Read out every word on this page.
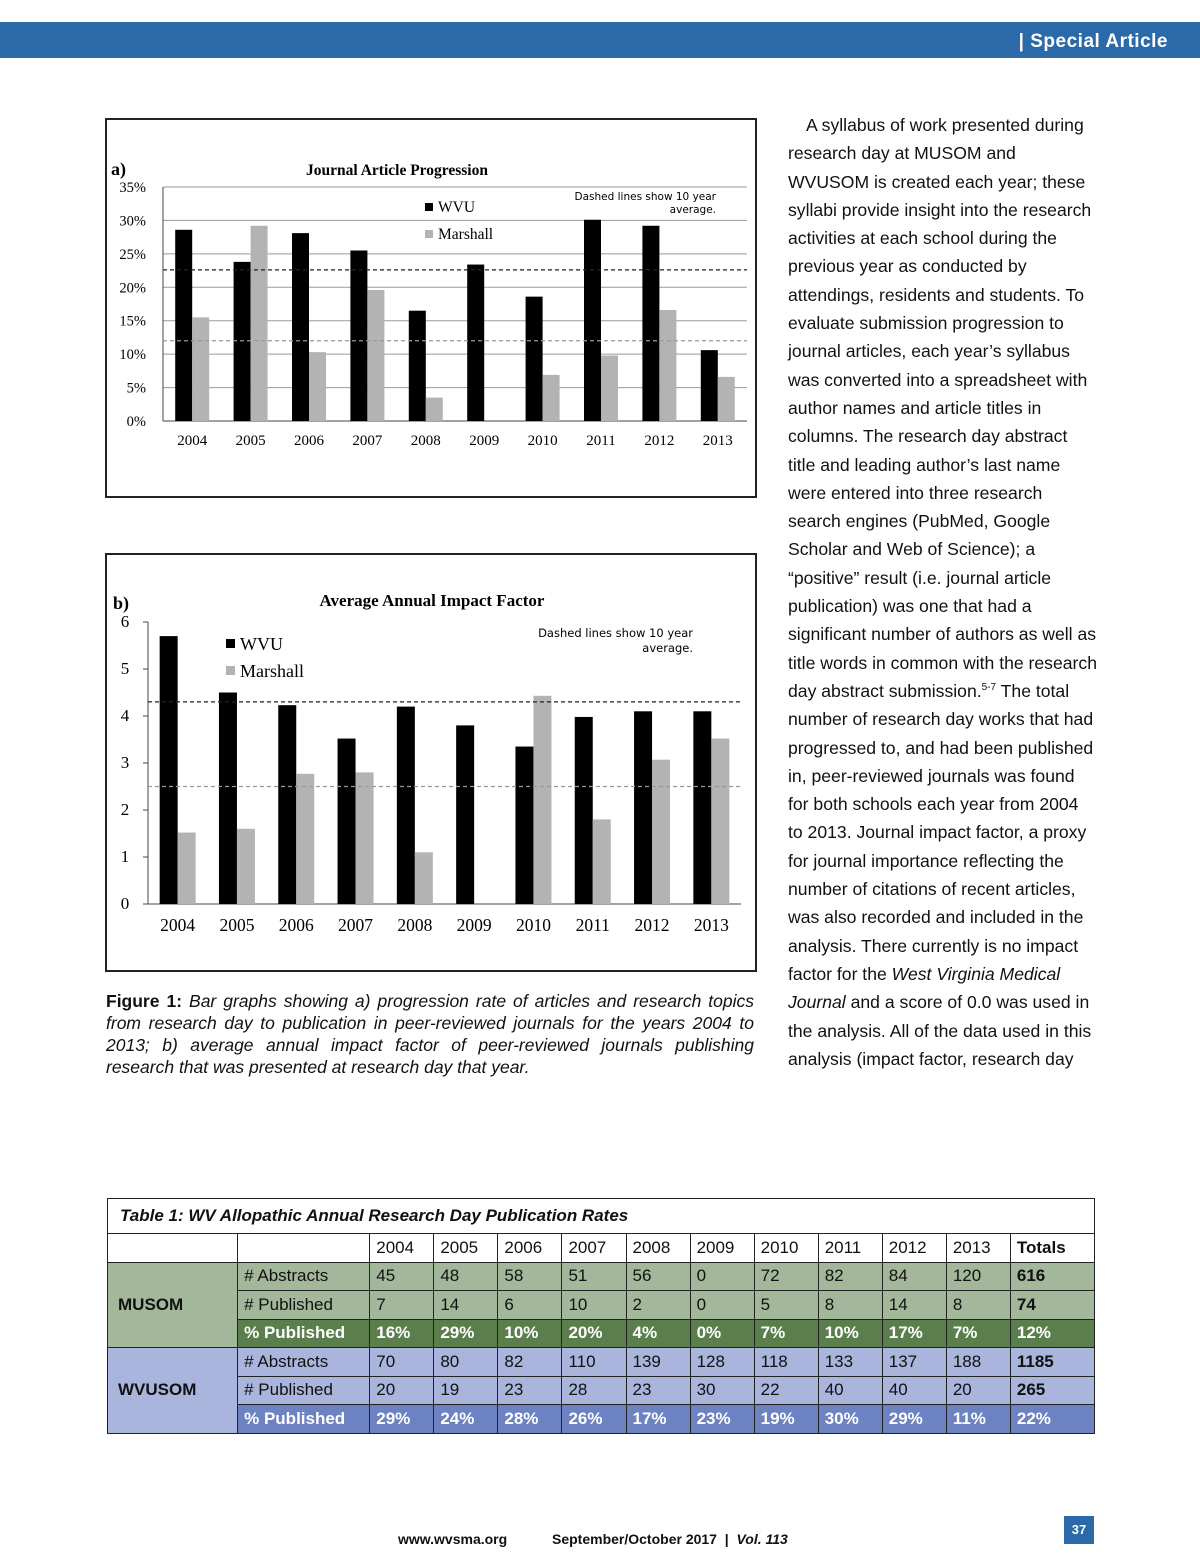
| Special Article
0%
5%
10%
15%
20%
25%
30%
35%
2004 2005 2006 2007 2008 2009 2010 2011 2012 2013
a)	Journal Article Progression
Dashed lines show 10 year
average.
WVU
Marshall
0
1
2
3
4
5
6
2004 2005 2006 2007 2008 2009 2010 2011 2012 2013
b)	Average Annual Impact Factor
Dashed lines show 10 year
average.
WVU
Marshall
Figure 1: Bar graphs showing a) progression rate of articles and research topics from research day to publication in peer-reviewed journals for the years 2004 to 2013; b) average annual impact factor of peer-reviewed journals publishing research that was presented at research day that year.
A syllabus of work presented during research day at MUSOM and WVUSOM is created each year; these syllabi provide insight into the research activities at each school during the previous year as conducted by attendings, residents and students. To evaluate submission progression to journal articles, each year’s syllabus was converted into a spreadsheet with author names and article titles in columns. The research day abstract title and leading author’s last name were entered into three research search engines (PubMed, Google Scholar and Web of Science); a “positive” result (i.e. journal article publication) was one that had a significant number of authors as well as title words in common with the research day abstract submission.$^{5-7}$ The total number of research day works that had progressed to, and had been published in, peer-reviewed journals was found for both schools each year from 2004 to 2013. Journal impact factor, a proxy for journal importance reflecting the number of citations of recent articles, was also recorded and included in the analysis. There currently is no impact factor for the West Virginia Medical Journal and a score of 0.0 was used in the analysis. All of the data used in this analysis (impact factor, research day
Table 1: WV Allopathic Annual Research Day Publication Rates												
		2004	2005	2006	2007	2008	2009	2010	2011	2012	2013	Totals
MUSOM	# Abstracts	45	48	58	51	56	0	72	82	84	120	616
	# Published	7	14	6	10	2	0	5	8	14	8	74
	% Published	16%	29%	10%	20%	4%	0%	7%	10%	17%	7%	12%
WVUSOM	# Abstracts	70	80	82	110	139	128	118	133	137	188	1185
	# Published	20	19	23	28	23	30	22	40	40	20	265
	% Published	29%	24%	28%	26%	17%	23%	19%	30%	29%	11%	22%
www.wvsma.org	September/October 2017 | Vol. 113
37
